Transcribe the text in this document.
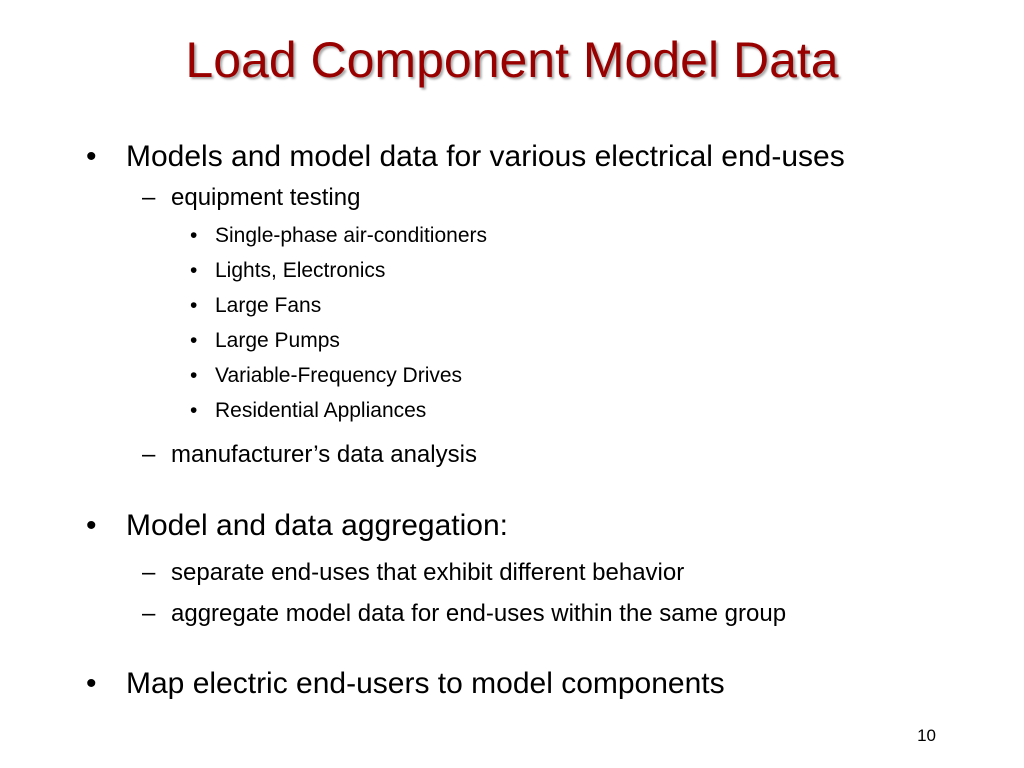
Load Component Model Data
• Models and model data for various electrical end-uses
– equipment testing
• Single-phase air-conditioners
• Lights, Electronics
• Large Fans
• Large Pumps
• Variable-Frequency Drives
• Residential Appliances
– manufacturer’s data analysis
• Model and data aggregation:
– separate end-uses that exhibit different behavior
– aggregate model data for end-uses within the same group
• Map electric end-users to model components
10
